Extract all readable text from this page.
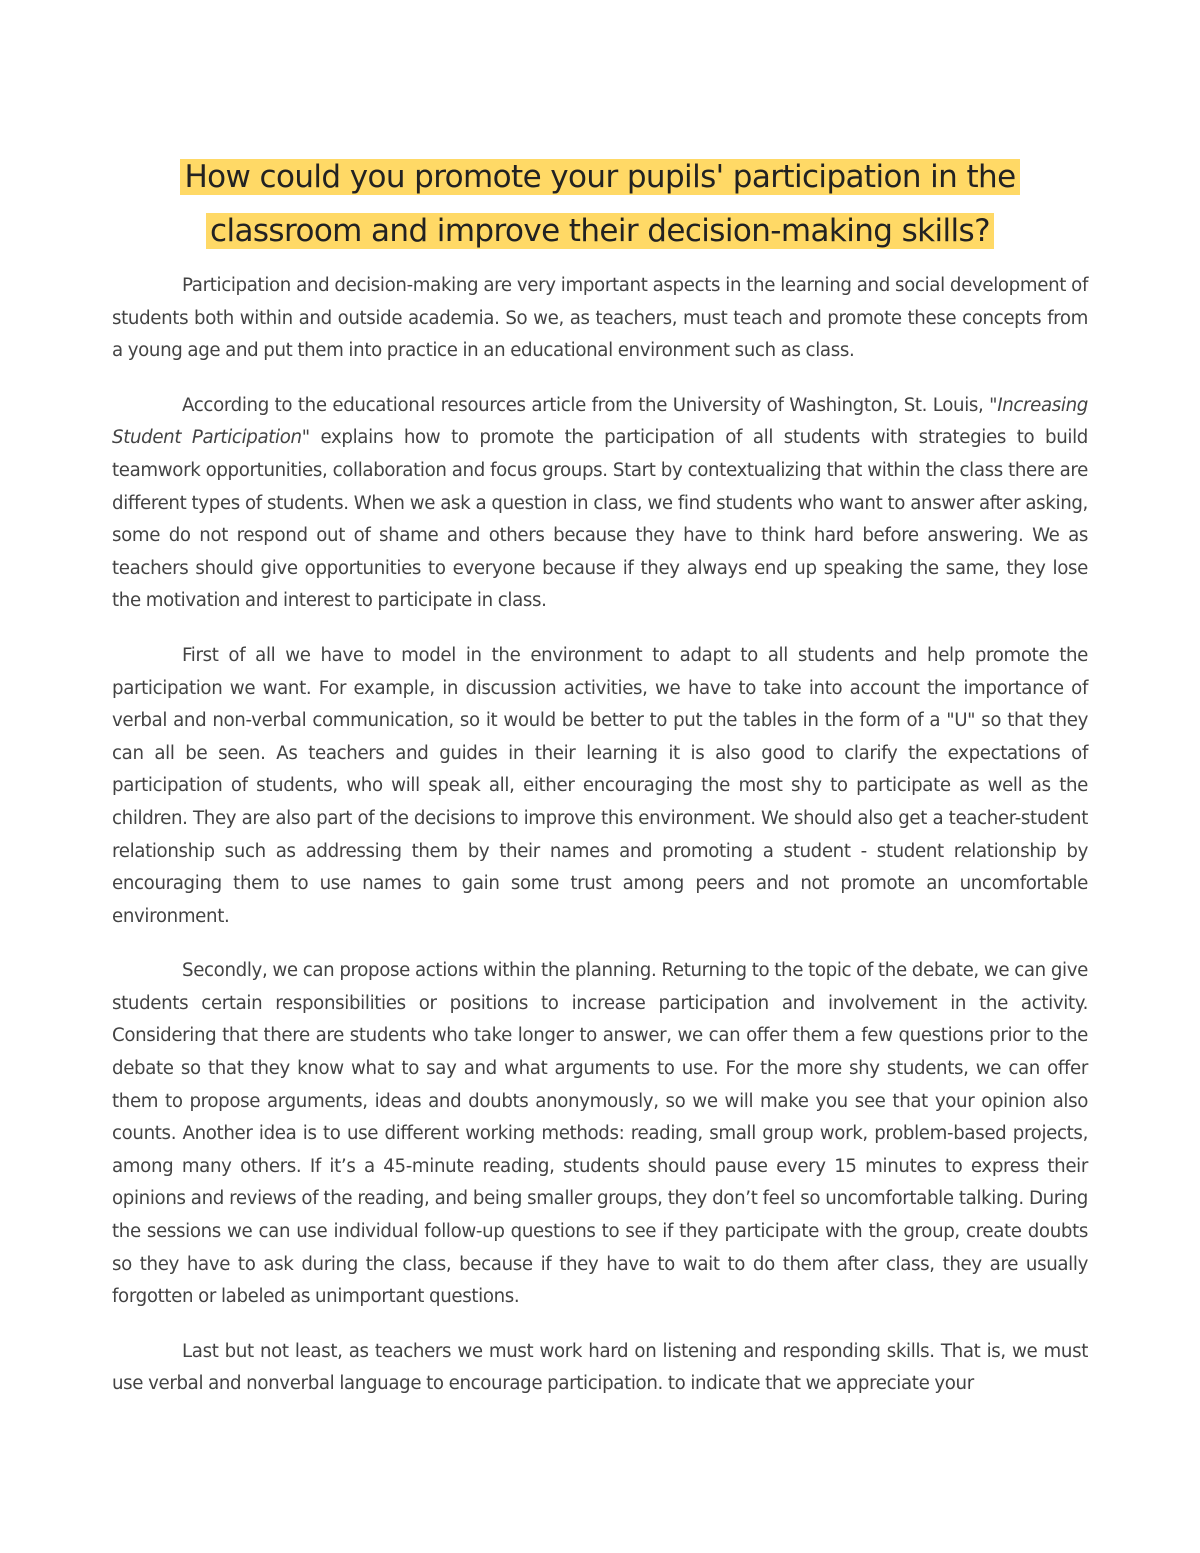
How could you promote your pupils' participation in the classroom and improve their decision-making skills?

Participation and decision-making are very important aspects in the learning and social development of students both within and outside academia. So we, as teachers, must teach and promote these concepts from a young age and put them into practice in an educational environment such as class.

According to the educational resources article from the University of Washington, St. Louis, "Increasing Student Participation" explains how to promote the participation of all students with strategies to build teamwork opportunities, collaboration and focus groups. Start by contextualizing that within the class there are different types of students. When we ask a question in class, we find students who want to answer after asking, some do not respond out of shame and others because they have to think hard before answering. We as teachers should give opportunities to everyone because if they always end up speaking the same, they lose the motivation and interest to participate in class.

First of all we have to model in the environment to adapt to all students and help promote the participation we want. For example, in discussion activities, we have to take into account the importance of verbal and non-verbal communication, so it would be better to put the tables in the form of a "U" so that they can all be seen. As teachers and guides in their learning it is also good to clarify the expectations of participation of students, who will speak all, either encouraging the most shy to participate as well as the children. They are also part of the decisions to improve this environment. We should also get a teacher-student relationship such as addressing them by their names and promoting a student - student relationship by encouraging them to use names to gain some trust among peers and not promote an uncomfortable environment.

Secondly, we can propose actions within the planning. Returning to the topic of the debate, we can give students certain responsibilities or positions to increase participation and involvement in the activity. Considering that there are students who take longer to answer, we can offer them a few questions prior to the debate so that they know what to say and what arguments to use. For the more shy students, we can offer them to propose arguments, ideas and doubts anonymously, so we will make you see that your opinion also counts. Another idea is to use different working methods: reading, small group work, problem-based projects, among many others. If it’s a 45-minute reading, students should pause every 15 minutes to express their opinions and reviews of the reading, and being smaller groups, they don’t feel so uncomfortable talking. During the sessions we can use individual follow-up questions to see if they participate with the group, create doubts so they have to ask during the class, because if they have to wait to do them after class, they are usually forgotten or labeled as unimportant questions.

Last but not least, as teachers we must work hard on listening and responding skills. That is, we must use verbal and nonverbal language to encourage participation. to indicate that we appreciate your
